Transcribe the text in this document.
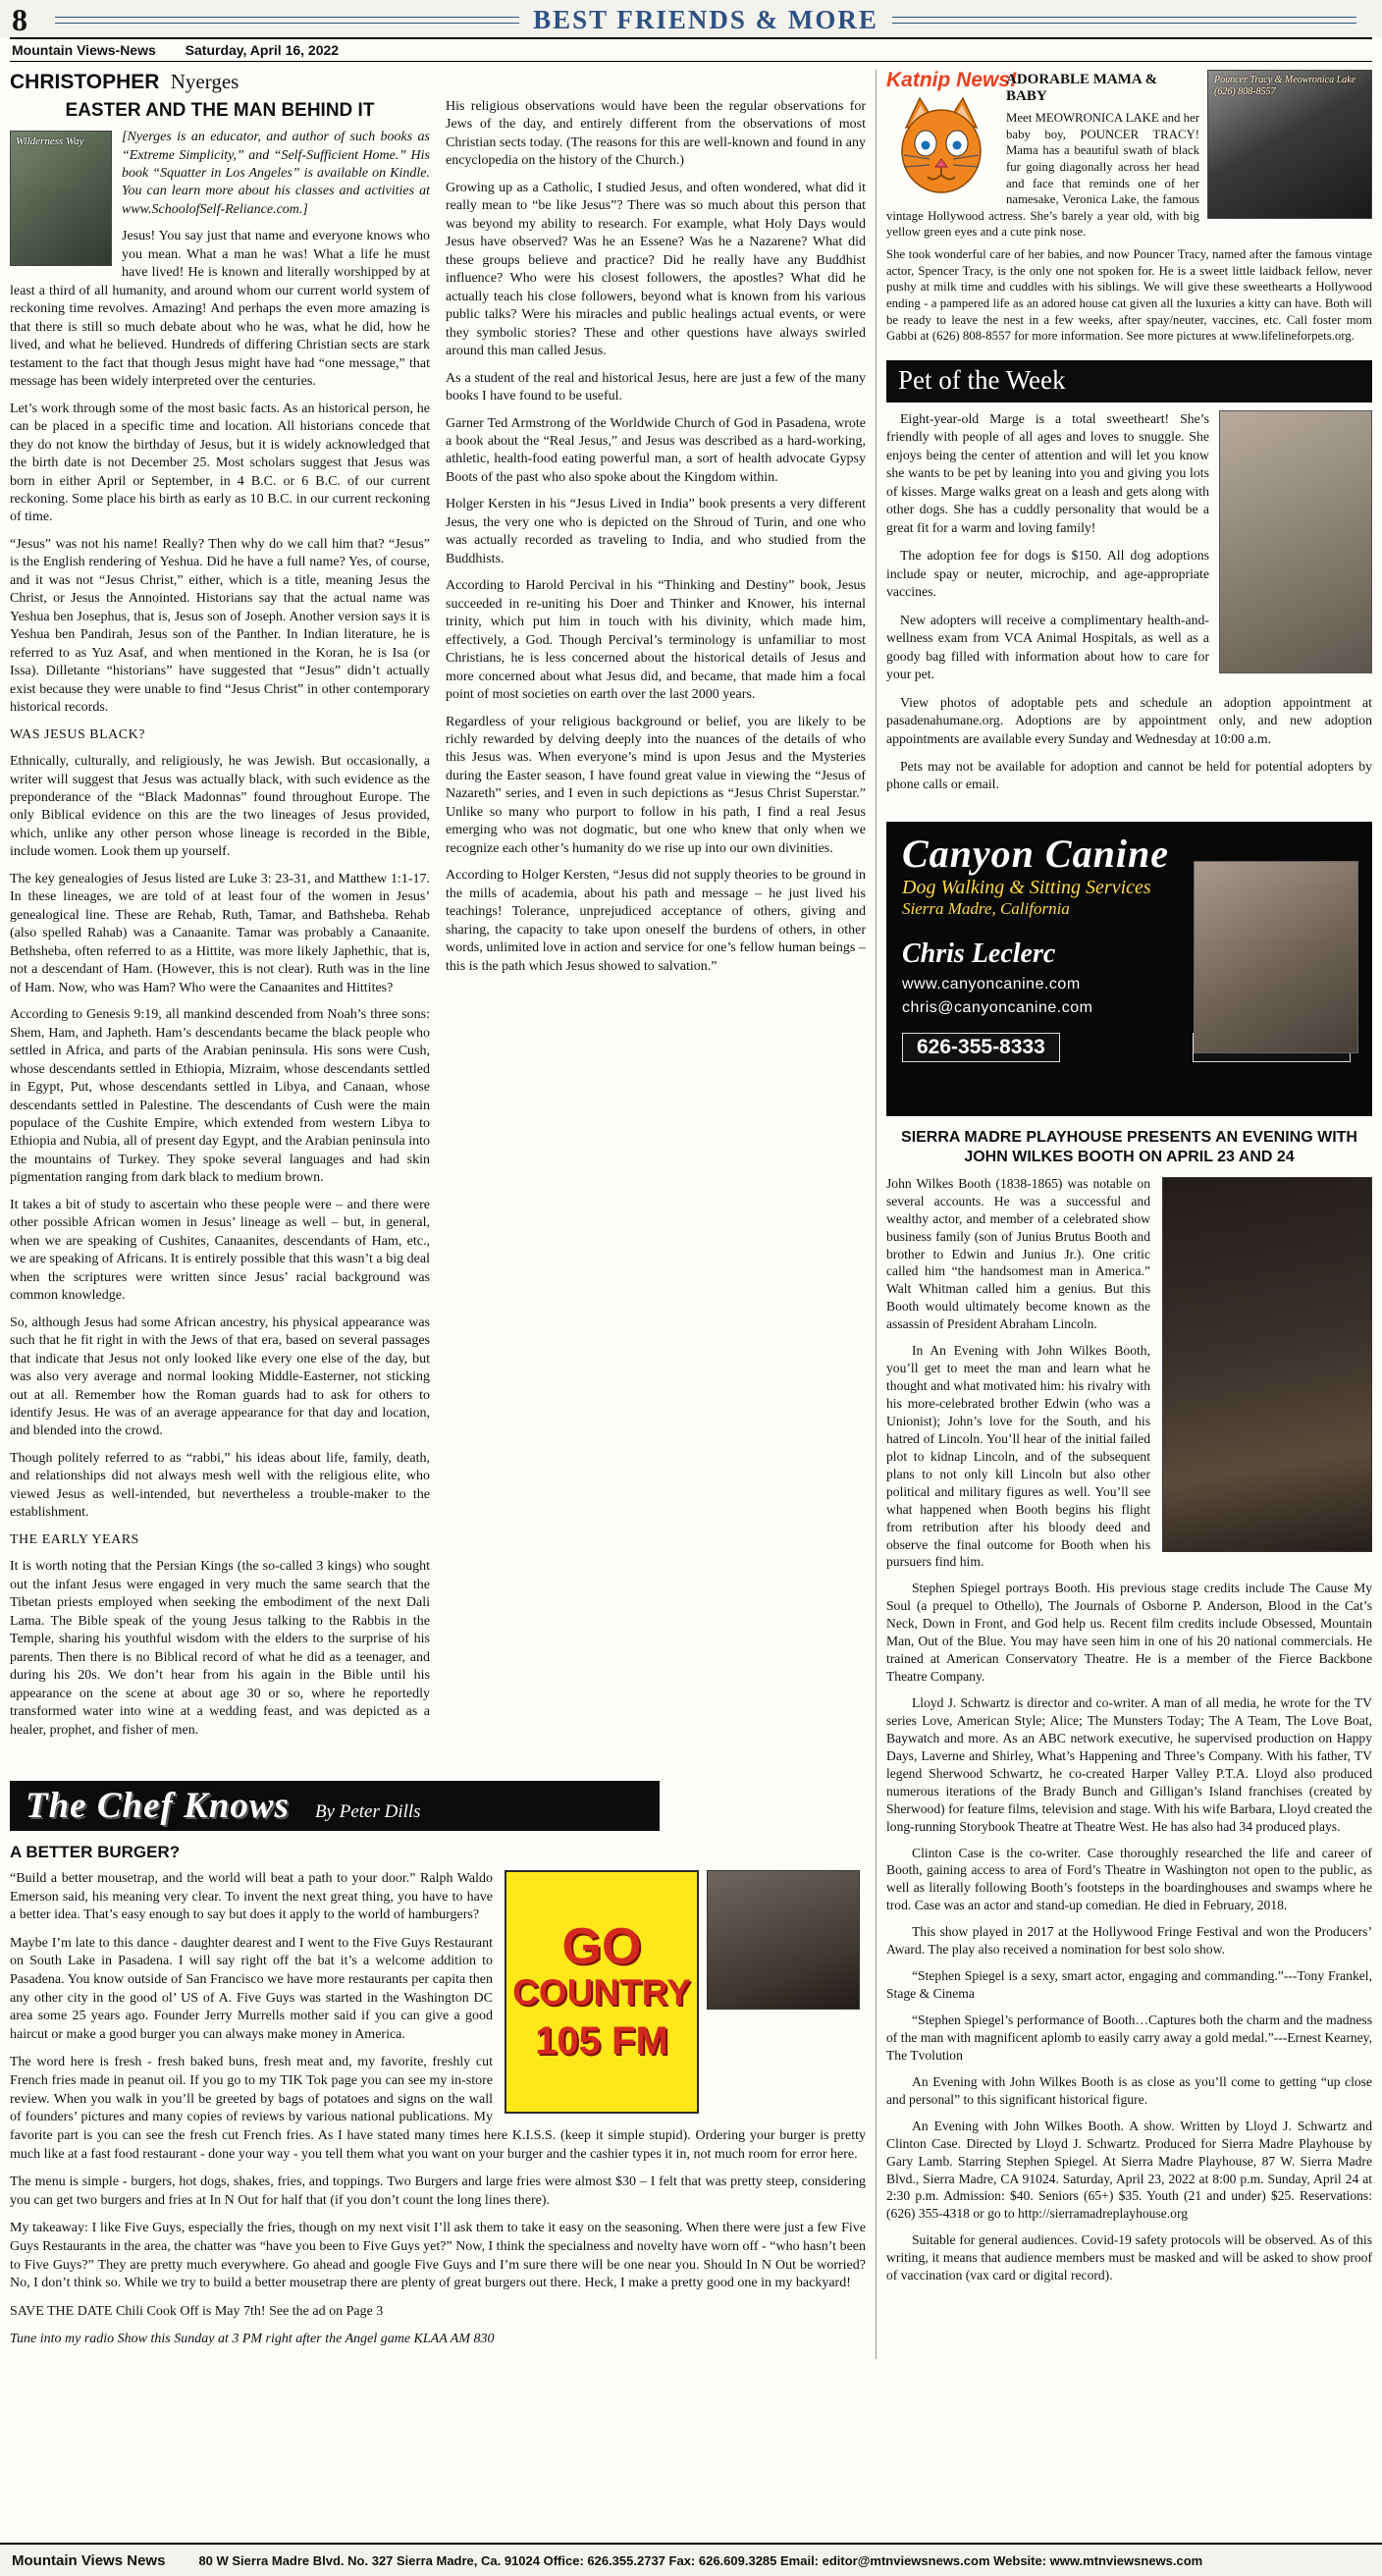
8	BEST FRIENDS & MORE
Mountain Views-News Saturday, April 16, 2022
CHRISTOPHER Nyerges
EASTER AND THE MAN BEHIND IT
Wilderness Way	[Nyerges is an educator, and author of such books as “Extreme Simplicity,” and “Self-Sufficient Home.” His book “Squatter in Los Angeles” is available on Kindle. You can learn more about his classes and activities at www.SchoolofSelf-Reliance.com.]

Jesus! You say just that name and everyone knows who you mean. What a man he was! What a life he must have lived! He is known and literally worshipped by at least a third of all humanity, and around whom our current world system of reckoning time revolves. Amazing! And perhaps the even more amazing is that there is still so much debate about who he was, what he did, how he lived, and what he believed. Hundreds of differing Christian sects are stark testament to the fact that though Jesus might have had “one message,” that message has been widely interpreted over the centuries.

Let’s work through some of the most basic facts. As an historical person, he can be placed in a specific time and location. All historians concede that they do not know the birthday of Jesus, but it is widely acknowledged that the birth date is not December 25. Most scholars suggest that Jesus was born in either April or September, in 4 B.C. or 6 B.C. of our current reckoning. Some place his birth as early as 10 B.C. in our current reckoning of time.

“Jesus” was not his name! Really? Then why do we call him that? “Jesus” is the English rendering of Yeshua. Did he have a full name? Yes, of course, and it was not “Jesus Christ,” either, which is a title, meaning Jesus the Christ, or Jesus the Annointed. Historians say that the actual name was Yeshua ben Josephus, that is, Jesus son of Joseph. Another version says it is Yeshua ben Pandirah, Jesus son of the Panther. In Indian literature, he is referred to as Yuz Asaf, and when mentioned in the Koran, he is Isa (or Issa). Dilletante “historians” have suggested that “Jesus” didn’t actually exist because they were unable to find “Jesus Christ” in other contemporary historical records.

WAS JESUS BLACK?

Ethnically, culturally, and religiously, he was Jewish. But occasionally, a writer will suggest that Jesus was actually black, with such evidence as the preponderance of the “Black Madonnas” found throughout Europe. The only Biblical evidence on this are the two lineages of Jesus provided, which, unlike any other person whose lineage is recorded in the Bible, include women. Look them up yourself.

The key genealogies of Jesus listed are Luke 3: 23-31, and Matthew 1:1-17. In these lineages, we are told of at least four of the women in Jesus’ genealogical line. These are Rehab, Ruth, Tamar, and Bathsheba. Rehab (also spelled Rahab) was a Canaanite. Tamar was probably a Canaanite. Bethsheba, often referred to as a Hittite, was more likely Japhethic, that is, not a descendant of Ham. (However, this is not clear). Ruth was in the line of Ham. Now, who was Ham? Who were the Canaanites and Hittites?

According to Genesis 9:19, all mankind descended from Noah’s three sons: Shem, Ham, and Japheth. Ham’s descendants became the black people who settled in Africa, and parts of the Arabian peninsula. His sons were Cush, whose descendants settled in Ethiopia, Mizraim, whose descendants settled in Egypt, Put, whose descendants settled in Libya, and Canaan, whose descendants settled in Palestine. The descendants of Cush were the main populace of the Cushite Empire, which extended from western Libya to Ethiopia and Nubia, all of present day Egypt, and the Arabian peninsula into the mountains of Turkey. They spoke several languages and had skin pigmentation ranging from dark black to medium brown.

It takes a bit of study to ascertain who these people were – and there were other possible African women in Jesus’ lineage as well – but, in general, when we are speaking of Cushites, Canaanites, descendants of Ham, etc., we are speaking of Africans. It is entirely possible that this wasn’t a big deal when the scriptures were written since Jesus’ racial background was common knowledge.

So, although Jesus had some African ancestry, his physical appearance was such that he fit right in with the Jews of that era, based on several passages that indicate that Jesus not only looked like every one else of the day, but was also very average and normal looking Middle-Easterner, not sticking out at all. Remember how the Roman guards had to ask for others to identify Jesus. He was of an average appearance for that day and location, and blended into the crowd.

Though politely referred to as “rabbi,” his ideas about life, family, death, and relationships did not always mesh well with the religious elite, who viewed Jesus as well-intended, but nevertheless a trouble-maker to the establishment.

THE EARLY YEARS

It is worth noting that the Persian Kings (the so-called 3 kings) who sought out the infant Jesus were engaged in very much the same search that the Tibetan priests employed when seeking the embodiment of the next Dali Lama. The Bible speak of the young Jesus talking to the Rabbis in the Temple, sharing his youthful wisdom with the elders to the surprise of his parents. Then there is no Biblical record of what he did as a teenager, and during his 20s. We don’t hear from his again in the Bible until his appearance on the scene at about age 30 or so, where he reportedly transformed water into wine at a wedding feast, and was depicted as a healer, prophet, and fisher of men.

His religious observations would have been the regular observations for Jews of the day, and entirely different from the observations of most Christian sects today. (The reasons for this are well-known and found in any encyclopedia on the history of the Church.)

Growing up as a Catholic, I studied Jesus, and often wondered, what did it really mean to “be like Jesus”? There was so much about this person that was beyond my ability to research. For example, what Holy Days would Jesus have observed? Was he an Essene? Was he a Nazarene? What did these groups believe and practice? Did he really have any Buddhist influence? Who were his closest followers, the apostles? What did he actually teach his close followers, beyond what is known from his various public talks? Were his miracles and public healings actual events, or were they symbolic stories? These and other questions have always swirled around this man called Jesus.

As a student of the real and historical Jesus, here are just a few of the many books I have found to be useful.

Garner Ted Armstrong of the Worldwide Church of God in Pasadena, wrote a book about the “Real Jesus,” and Jesus was described as a hard-working, athletic, health-food eating powerful man, a sort of health advocate Gypsy Boots of the past who also spoke about the Kingdom within.

Holger Kersten in his “Jesus Lived in India” book presents a very different Jesus, the very one who is depicted on the Shroud of Turin, and one who was actually recorded as traveling to India, and who studied from the Buddhists.

According to Harold Percival in his “Thinking and Destiny” book, Jesus succeeded in re-uniting his Doer and Thinker and Knower, his internal trinity, which put him in touch with his divinity, which made him, effectively, a God. Though Percival’s terminology is unfamiliar to most Christians, he is less concerned about the historical details of Jesus and more concerned about what Jesus did, and became, that made him a focal point of most societies on earth over the last 2000 years.

Regardless of your religious background or belief, you are likely to be richly rewarded by delving deeply into the nuances of the details of who this Jesus was. When everyone’s mind is upon Jesus and the Mysteries during the Easter season, I have found great value in viewing the “Jesus of Nazareth” series, and I even in such depictions as “Jesus Christ Superstar.” Unlike so many who purport to follow in his path, I find a real Jesus emerging who was not dogmatic, but one who knew that only when we recognize each other’s humanity do we rise up into our own divinities.

According to Holger Kersten, “Jesus did not supply theories to be ground in the mills of academia, about his path and message – he just lived his teachings! Tolerance, unprejudiced acceptance of others, giving and sharing, the capacity to take upon oneself the burdens of others, in other words, unlimited love in action and service for one’s fellow human beings – this is the path which Jesus showed to salvation.”

The Chef Knows By Peter Dills
A BETTER BURGER?
GO
COUNTRY
105 FM

“Build a better mousetrap, and the world will beat a path to your door.” Ralph Waldo Emerson said, his meaning very clear. To invent the next great thing, you have to have a better idea. That’s easy enough to say but does it apply to the world of hamburgers?

Maybe I’m late to this dance - daughter dearest and I went to the Five Guys Restaurant on South Lake in Pasadena. I will say right off the bat it’s a welcome addition to Pasadena. You know outside of San Francisco we have more restaurants per capita then any other city in the good ol’ US of A. Five Guys was started in the Washington DC area some 25 years ago. Founder Jerry Murrells mother said if you can give a good haircut or make a good burger you can always make money in America.

The word here is fresh - fresh baked buns, fresh meat and, my favorite, freshly cut French fries made in peanut oil. If you go to my TIK Tok page you can see my in-store review. When you walk in you’ll be greeted by bags of potatoes and signs on the wall of founders’ pictures and many copies of reviews by various national publications. My favorite part is you can see the fresh cut French fries. As I have stated many times here K.I.S.S. (keep it simple stupid). Ordering your burger is pretty much like at a fast food restaurant - done your way - you tell them what you want on your burger and the cashier types it in, not much room for error here.

The menu is simple - burgers, hot dogs, shakes, fries, and toppings. Two Burgers and large fries were almost $30 – I felt that was pretty steep, considering you can get two burgers and fries at In N Out for half that (if you don’t count the long lines there).

My takeaway: I like Five Guys, especially the fries, though on my next visit I’ll ask them to take it easy on the seasoning. When there were just a few Five Guys Restaurants in the area, the chatter was “have you been to Five Guys yet?” Now, I think the specialness and novelty have worn off - “who hasn’t been to Five Guys?” They are pretty much everywhere. Go ahead and google Five Guys and I’m sure there will be one near you. Should In N Out be worried? No, I don’t think so. While we try to build a better mousetrap there are plenty of great burgers out there. Heck, I make a pretty good one in my backyard!

SAVE THE DATE Chili Cook Off is May 7th! See the ad on Page 3

Tune into my radio Show this Sunday at 3 PM right after the Angel game KLAA AM 830

Katnip News!	Pouncer Tracy & Meowronica Lake (626) 808-8557
ADORABLE MAMA & BABY

Meet MEOWRONICA LAKE and her baby boy, POUNCER TRACY! Mama has a beautiful swath of black fur going diagonally across her head and face that reminds one of her namesake, Veronica Lake, the famous vintage Hollywood actress. She’s barely a year old, with big yellow green eyes and a cute pink nose.

She took wonderful care of her babies, and now Pouncer Tracy, named after the famous vintage actor, Spencer Tracy, is the only one not spoken for. He is a sweet little laidback fellow, never pushy at milk time and cuddles with his siblings. We will give these sweethearts a Hollywood ending - a pampered life as an adored house cat given all the luxuries a kitty can have. Both will be ready to leave the nest in a few weeks, after spay/neuter, vaccines, etc. Call foster mom Gabbi at (626) 808-8557 for more information. See more pictures at www.lifelineforpets.org.

Pet of the Week

Eight-year-old Marge is a total sweetheart! She’s friendly with people of all ages and loves to snuggle. She enjoys being the center of attention and will let you know she wants to be pet by leaning into you and giving you lots of kisses. Marge walks great on a leash and gets along with other dogs. She has a cuddly personality that would be a great fit for a warm and loving family!

The adoption fee for dogs is $150. All dog adoptions include spay or neuter, microchip, and age-appropriate vaccines.

New adopters will receive a complimentary health-and-wellness exam from VCA Animal Hospitals, as well as a goody bag filled with information about how to care for your pet.

View photos of adoptable pets and schedule an adoption appointment at pasadenahumane.org. Adoptions are by appointment only, and new adoption appointments are available every Sunday and Wednesday at 10:00 a.m.

Pets may not be available for adoption and cannot be held for potential adopters by phone calls or email.

Canyon Canine
Dog Walking & Sitting Services
Sierra Madre, California
Chris Leclerc
www.canyoncanine.com
chris@canyoncanine.com
626-355-8333
SIERRA MADRE PLAYHOUSE PRESENTS AN EVENING WITH JOHN WILKES BOOTH ON APRIL 23 AND 24

John Wilkes Booth (1838-1865) was notable on several accounts. He was a successful and wealthy actor, and member of a celebrated show business family (son of Junius Brutus Booth and brother to Edwin and Junius Jr.). One critic called him “the handsomest man in America.” Walt Whitman called him a genius. But this Booth would ultimately become known as the assassin of President Abraham Lincoln.

In An Evening with John Wilkes Booth, you’ll get to meet the man and learn what he thought and what motivated him: his rivalry with his more-celebrated brother Edwin (who was a Unionist); John’s love for the South, and his hatred of Lincoln. You’ll hear of the initial failed plot to kidnap Lincoln, and of the subsequent plans to not only kill Lincoln but also other political and military figures as well. You’ll see what happened when Booth begins his flight from retribution after his bloody deed and observe the final outcome for Booth when his pursuers find him.

Stephen Spiegel portrays Booth. His previous stage credits include The Cause My Soul (a prequel to Othello), The Journals of Osborne P. Anderson, Blood in the Cat’s Neck, Down in Front, and God help us. Recent film credits include Obsessed, Mountain Man, Out of the Blue. You may have seen him in one of his 20 national commercials. He trained at American Conservatory Theatre. He is a member of the Fierce Backbone Theatre Company.

Lloyd J. Schwartz is director and co-writer. A man of all media, he wrote for the TV series Love, American Style; Alice; The Munsters Today; The A Team, The Love Boat, Baywatch and more. As an ABC network executive, he supervised production on Happy Days, Laverne and Shirley, What’s Happening and Three’s Company. With his father, TV legend Sherwood Schwartz, he co-created Harper Valley P.T.A. Lloyd also produced numerous iterations of the Brady Bunch and Gilligan’s Island franchises (created by Sherwood) for feature films, television and stage. With his wife Barbara, Lloyd created the long-running Storybook Theatre at Theatre West. He has also had 34 produced plays.

Clinton Case is the co-writer. Case thoroughly researched the life and career of Booth, gaining access to area of Ford’s Theatre in Washington not open to the public, as well as literally following Booth’s footsteps in the boardinghouses and swamps where he trod. Case was an actor and stand-up comedian. He died in February, 2018.

This show played in 2017 at the Hollywood Fringe Festival and won the Producers’ Award. The play also received a nomination for best solo show.

“Stephen Spiegel is a sexy, smart actor, engaging and commanding.”---Tony Frankel, Stage & Cinema

“Stephen Spiegel’s performance of Booth…Captures both the charm and the madness of the man with magnificent aplomb to easily carry away a gold medal.”---Ernest Kearney, The Tvolution

An Evening with John Wilkes Booth is as close as you’ll come to getting “up close and personal” to this significant historical figure.

An Evening with John Wilkes Booth. A show. Written by Lloyd J. Schwartz and Clinton Case. Directed by Lloyd J. Schwartz. Produced for Sierra Madre Playhouse by Gary Lamb. Starring Stephen Spiegel. At Sierra Madre Playhouse, 87 W. Sierra Madre Blvd., Sierra Madre, CA 91024. Saturday, April 23, 2022 at 8:00 p.m. Sunday, April 24 at 2:30 p.m. Admission: $40. Seniors (65+) $35. Youth (21 and under) $25. Reservations: (626) 355-4318 or go to http://sierramadreplayhouse.org

Suitable for general audiences. Covid-19 safety protocols will be observed. As of this writing, it means that audience members must be masked and will be asked to show proof of vaccination (vax card or digital record).

Mountain Views News	80 W Sierra Madre Blvd. No. 327 Sierra Madre, Ca. 91024 Office: 626.355.2737 Fax: 626.609.3285 Email: editor@mtnviewsnews.com Website: www.mtnviewsnews.com
